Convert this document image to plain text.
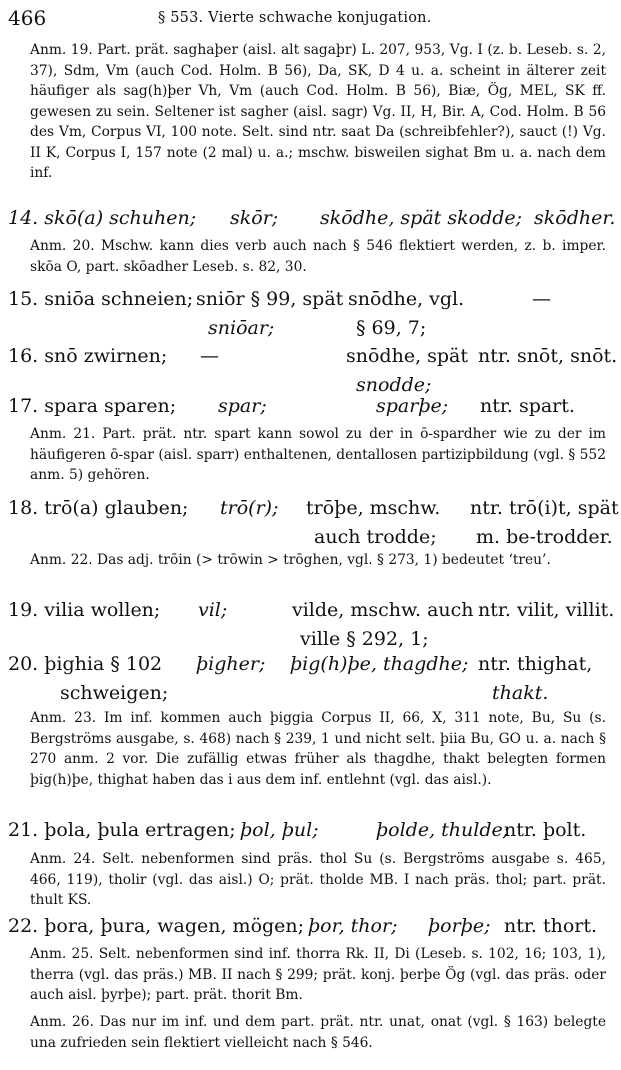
466	§ 553. Vierte schwache konjugation.
Anm. 19. Part. prät. saghaþer (aisl. alt sagaþr) L. 207, 953, Vg. I (z. b. Leseb. s. 2, 37), Sdm, Vm (auch Cod. Holm. B 56), Da, SK, D 4 u. a. scheint in älterer zeit häufiger als sag(h)þer Vh, Vm (auch Cod. Holm. B 56), Biæ, Ög, MEL, SK ff. gewesen zu sein. Seltener ist sagher (aisl. sagr) Vg. II, H, Bir. A, Cod. Holm. B 56 des Vm, Corpus VI, 100 note. Selt. sind ntr. saat Da (schreibfehler?), sauct (!) Vg. II K, Corpus I, 157 note (2 mal) u. a.; mschw. bisweilen sighat Bm u. a. nach dem inf.
14. skō(a) schuhen; skōr; skōdhe, spät skodde; skōdher.
Anm. 20. Mschw. kann dies verb auch nach § 546 flektiert werden, z. b. imper. skōa O, part. skōadher Leseb. s. 82, 30.
15. sniōa schneien; sniōr § 99, spät snōdhe, vgl.	—
sniōar;	§ 69, 7;
16. snō zwirnen; —	snōdhe, spät ntr. snōt, snōt.
snodde;
17. spara sparen; spar;	sparþe; ntr. spart.
Anm. 21. Part. prät. ntr. spart kann sowol zu der in ō-spardher wie zu der im häufigeren ō-spar (aisl. sparr) enthaltenen, dentallosen partizipbildung (vgl. § 552 anm. 5) gehören.
18. trō(a) glauben; trō(r); trōþe, mschw. ntr. trō(i)t, spät
auch trodde; m. be-trodder.
Anm. 22. Das adj. trōin (> trōwin > trōghen, vgl. § 273, 1) bedeutet ‘treu’.
19. vilia wollen; vil;	vilde, mschw. auch ntr. vilit, villit.
ville § 292, 1;
20. þighia § 102 þigher; þig(h)þe, thagdhe; ntr. thighat,
schweigen;	thakt.
Anm. 23. Im inf. kommen auch þiggia Corpus II, 66, X, 311 note, Bu, Su (s. Bergströms ausgabe, s. 468) nach § 239, 1 und nicht selt. þiia Bu, GO u. a. nach § 270 anm. 2 vor. Die zufällig etwas früher als thagdhe, thakt belegten formen þig(h)þe, thighat haben das i aus dem inf. entlehnt (vgl. das aisl.).
21. þola, þula ertragen; þol, þul;	þolde, thulde;
ntr. þolt.
Anm. 24. Selt. nebenformen sind präs. thol Su (s. Bergströms ausgabe s. 465, 466, 119), tholir (vgl. das aisl.) O; prät. tholde MB. I nach präs. thol; part. prät. thult KS.
22. þora, þura, wagen, mögen; þor, thor; þorþe; ntr. thort.
Anm. 25. Selt. nebenformen sind inf. thorra Rk. II, Di (Leseb. s. 102, 16; 103, 1), therra (vgl. das präs.) MB. II nach § 299; prät. konj. þerþe Ög (vgl. das präs. oder auch aisl. þyrþe); part. prät. thorit Bm.
Anm. 26. Das nur im inf. und dem part. prät. ntr. unat, onat (vgl. § 163) belegte una zufrieden sein flektiert vielleicht nach § 546.
